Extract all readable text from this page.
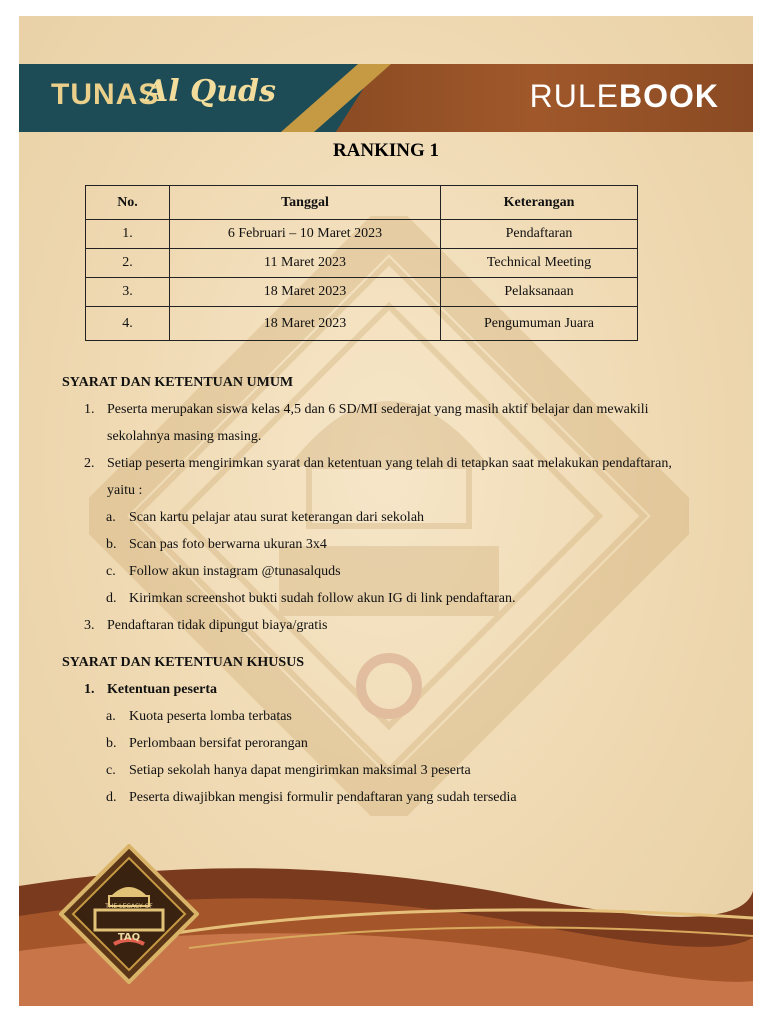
TUNAS
Al Quds	RULEBOOK
RANKING 1
No.	Tanggal	Keterangan
1.	6 Februari – 10 Maret 2023	Pendaftaran
2.	11 Maret 2023	Technical Meeting
3.	18 Maret 2023	Pelaksanaan
4.	18 Maret 2023	Pengumuman Juara
SYARAT DAN KETENTUAN UMUM
1. Peserta merupakan siswa kelas 4,5 dan 6 SD/MI sederajat yang masih aktif belajar dan mewakili
sekolahnya masing masing.
2. Setiap peserta mengirimkan syarat dan ketentuan yang telah di tetapkan saat melakukan pendaftaran,
yaitu :
a. Scan kartu pelajar atau surat keterangan dari sekolah
b. Scan pas foto berwarna ukuran 3x4
c. Follow akun instagram @tunasalquds
d. Kirimkan screenshot bukti sudah follow akun IG di link pendaftaran.
3. Pendaftaran tidak dipungut biaya/gratis
SYARAT DAN KETENTUAN KHUSUS
1. Ketentuan peserta
a. Kuota peserta lomba terbatas
b. Perlombaan bersifat perorangan
c. Setiap sekolah hanya dapat mengirimkan maksimal 3 peserta
d. Peserta diwajibkan mengisi formulir pendaftaran yang sudah tersedia
THE LEGACY OF
TAQ
